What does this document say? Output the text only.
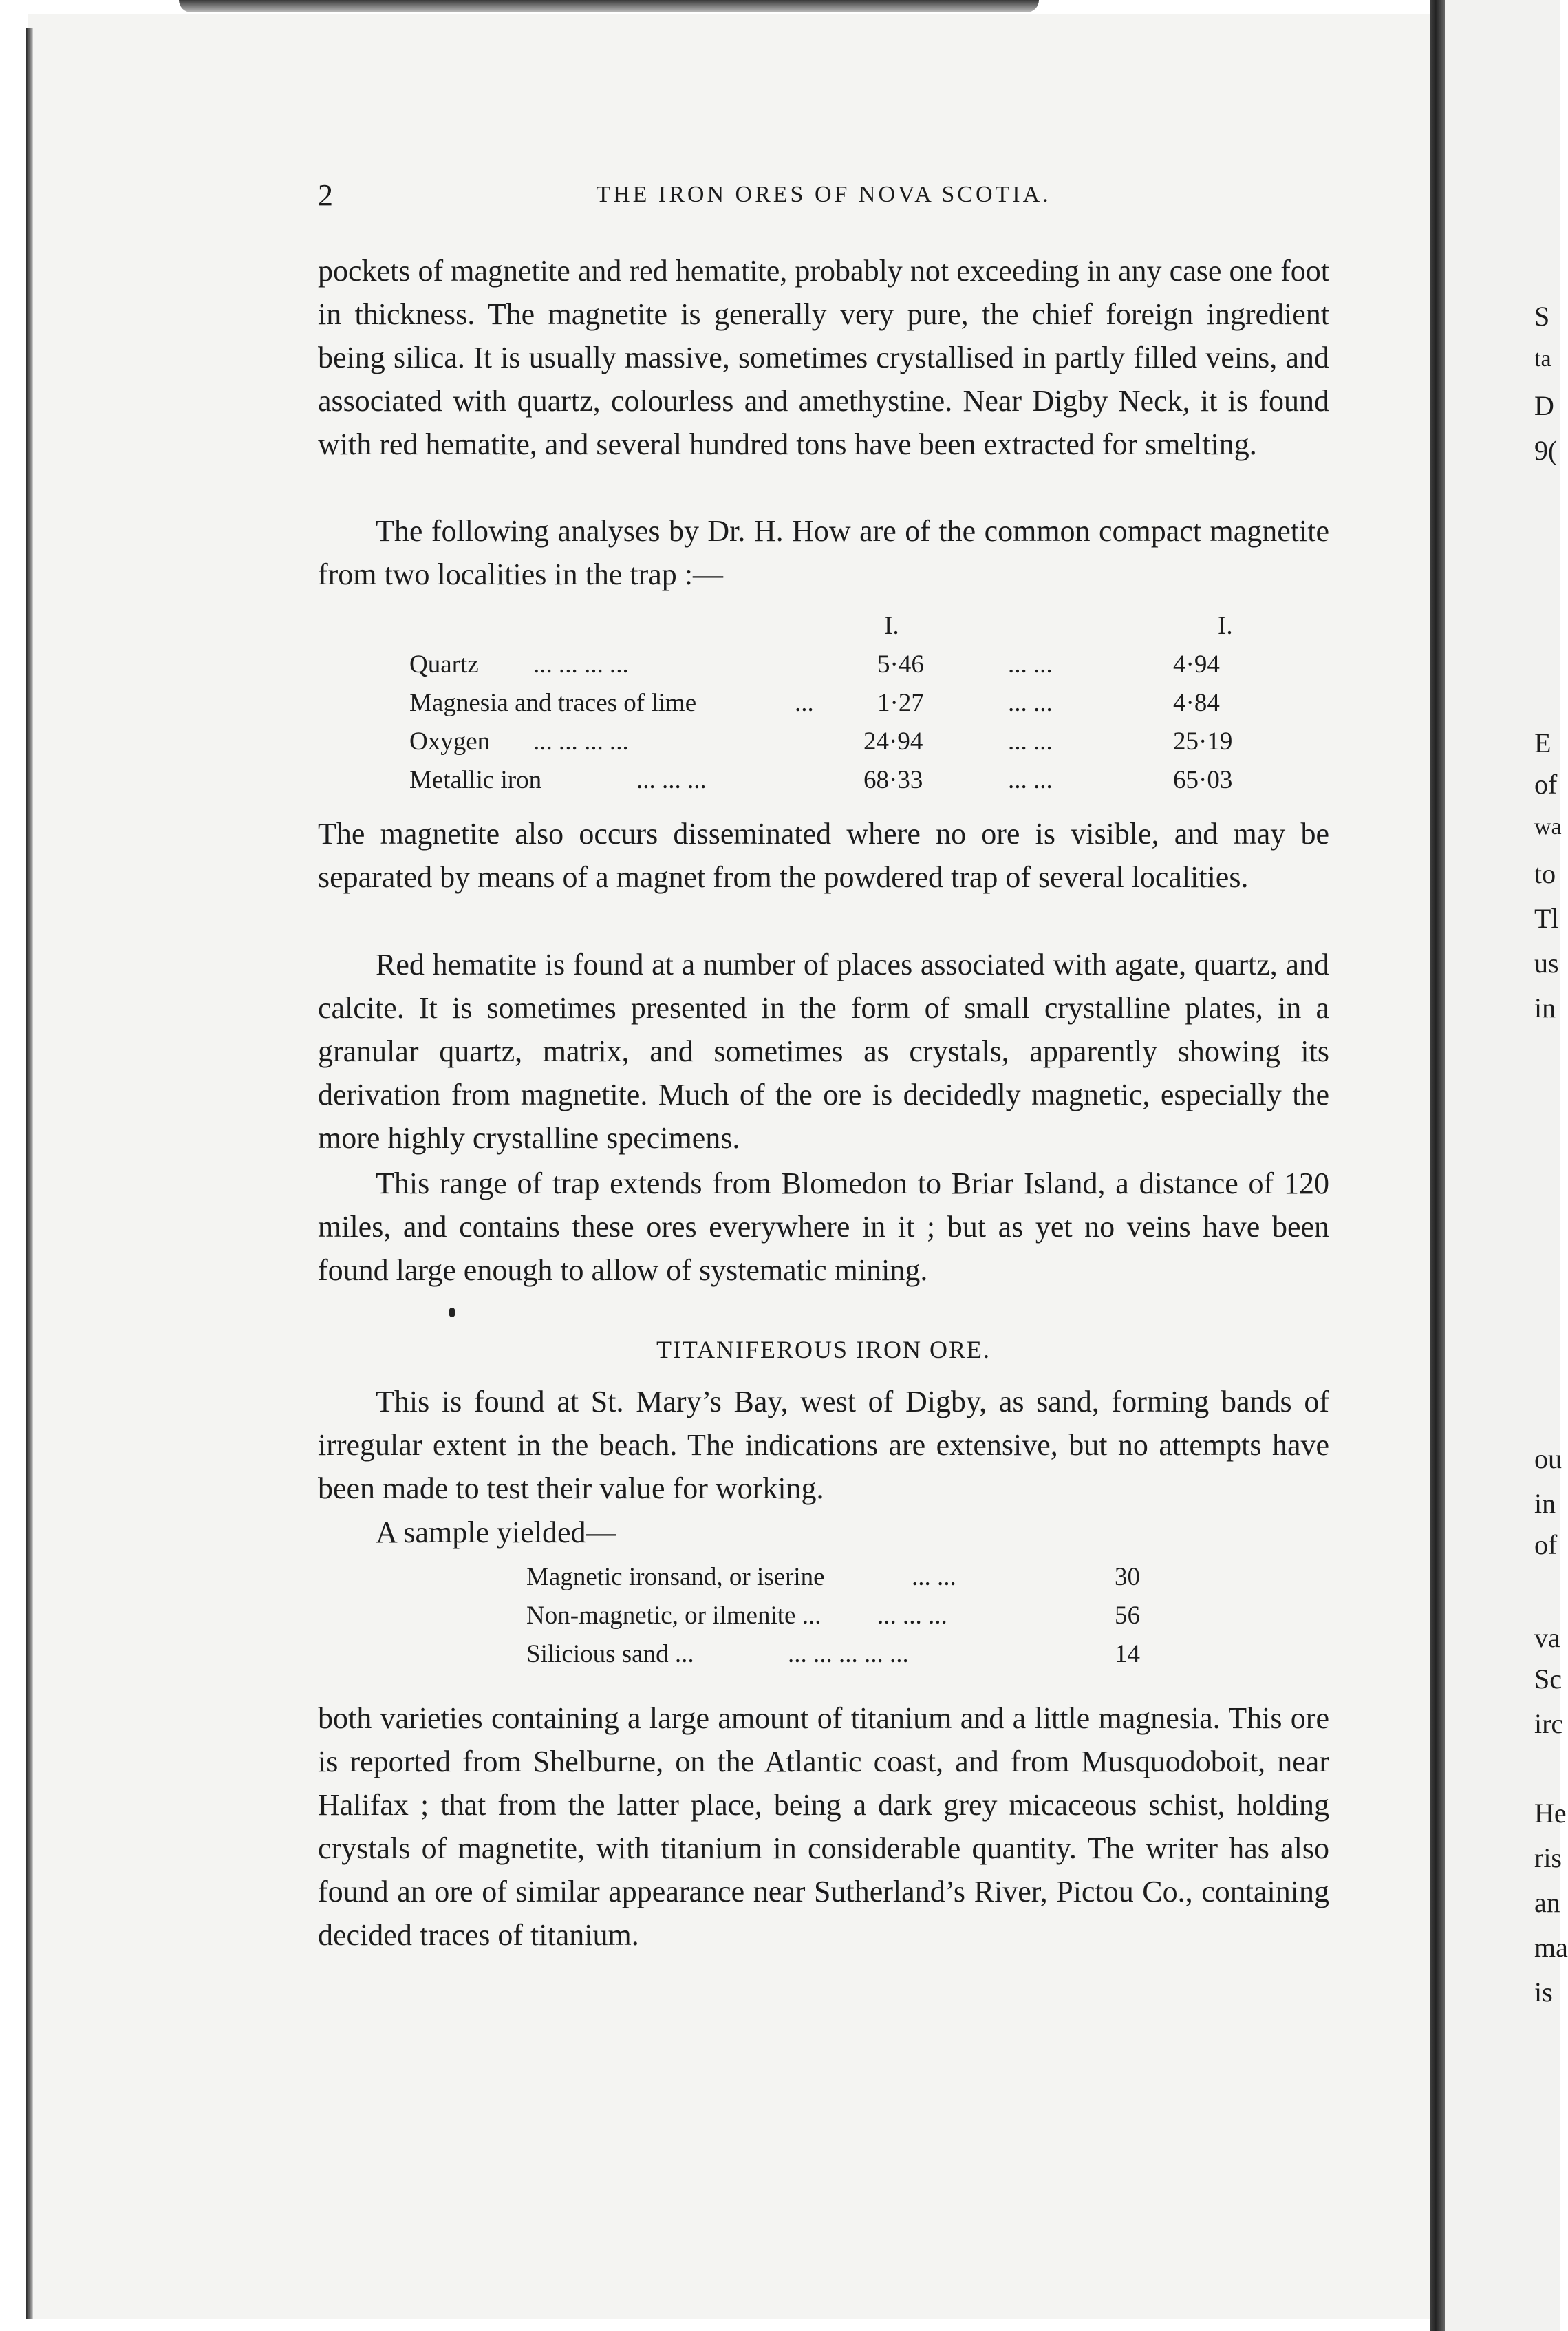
S
ta
D
9(
E
of
wa
to
Tl
us
in
ou
in
of
va
Sc
irc
He
ris
an
ma
is
2	THE IRON ORES OF NOVA SCOTIA.

pockets of magnetite and red hematite, probably not exceeding in any case one foot in thickness. The magnetite is generally very pure, the chief foreign ingredient being silica. It is usually massive, sometimes crystallised in partly filled veins, and associated with quartz, colourless and amethystine. Near Digby Neck, it is found with red hematite, and several hundred tons have been extracted for smelting.

The following analyses by Dr. H. How are of the common compact magnetite from two localities in the trap :—

I.	I.
Quartz ... ... ... ...	5·46	... ...	4·94
Magnesia and traces of lime	... 1·27	... ...	4·84
Oxygen ... ... ... ...	24·94	... ...	25·19
Metallic iron	... ... ...	68·33	... ...	65·03

The magnetite also occurs disseminated where no ore is visible, and may be separated by means of a magnet from the powdered trap of several localities.

Red hematite is found at a number of places associated with agate, quartz, and calcite. It is sometimes presented in the form of small crystalline plates, in a granular quartz, matrix, and sometimes as crystals, apparently showing its derivation from magnetite. Much of the ore is decidedly magnetic, especially the more highly crystalline specimens.

This range of trap extends from Blomedon to Briar Island, a distance of 120 miles, and contains these ores everywhere in it ; but as yet no veins have been found large enough to allow of systematic mining.

TITANIFEROUS IRON ORE.

This is found at St. Mary’s Bay, west of Digby, as sand, forming bands of irregular extent in the beach. The indications are extensive, but no attempts have been made to test their value for working.

A sample yielded—

Magnetic ironsand, or iserine	... ...	30
Non-magnetic, or ilmenite ... ... ... ...	56
Silicious sand ...	... ... ... ... ...	14

both varieties containing a large amount of titanium and a little magnesia. This ore is reported from Shelburne, on the Atlantic coast, and from Musquodoboit, near Halifax ; that from the latter place, being a dark grey micaceous schist, holding crystals of magnetite, with titanium in considerable quantity. The writer has also found an ore of similar appearance near Sutherland’s River, Pictou Co., containing decided traces of titanium.
